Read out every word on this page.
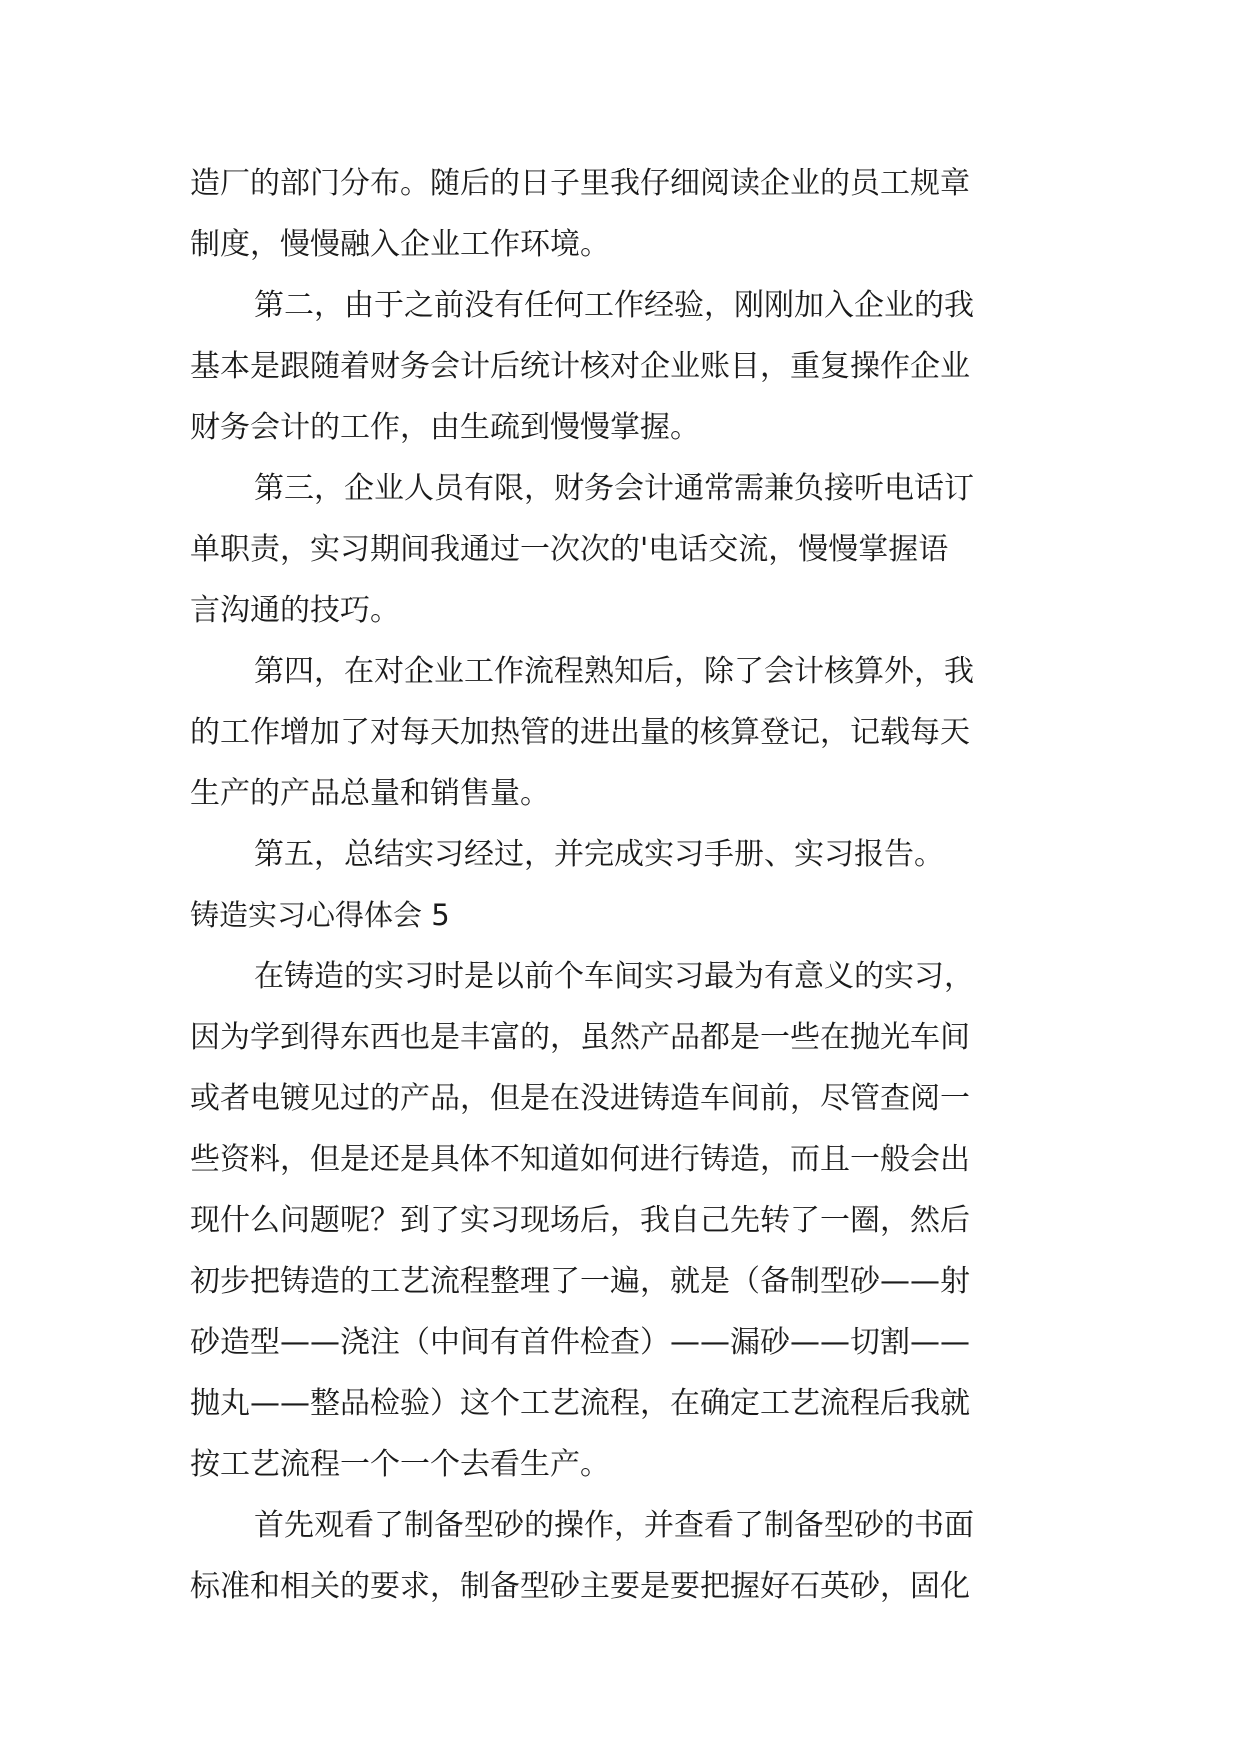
造厂的部门分布。随后的日子里我仔细阅读企业的员工规章
制度，慢慢融入企业工作环境。
第二，由于之前没有任何工作经验，刚刚加入企业的我
基本是跟随着财务会计后统计核对企业账目，重复操作企业
财务会计的工作，由生疏到慢慢掌握。
第三，企业人员有限，财务会计通常需兼负接听电话订
单职责，实习期间我通过一次次的'电话交流，慢慢掌握语
言沟通的技巧。
第四，在对企业工作流程熟知后，除了会计核算外，我
的工作增加了对每天加热管的进出量的核算登记，记载每天
生产的产品总量和销售量。
第五，总结实习经过，并完成实习手册、实习报告。
铸造实习心得体会 5
在铸造的实习时是以前个车间实习最为有意义的实习，
因为学到得东西也是丰富的，虽然产品都是一些在抛光车间
或者电镀见过的产品，但是在没进铸造车间前，尽管查阅一
些资料，但是还是具体不知道如何进行铸造，而且一般会出
现什么问题呢？到了实习现场后，我自己先转了一圈，然后
初步把铸造的工艺流程整理了一遍，就是（备制型砂——射
砂造型——浇注（中间有首件检查）——漏砂——切割——
抛丸——整品检验）这个工艺流程，在确定工艺流程后我就
按工艺流程一个一个去看生产。
首先观看了制备型砂的操作，并查看了制备型砂的书面
标准和相关的要求，制备型砂主要是要把握好石英砂，固化
